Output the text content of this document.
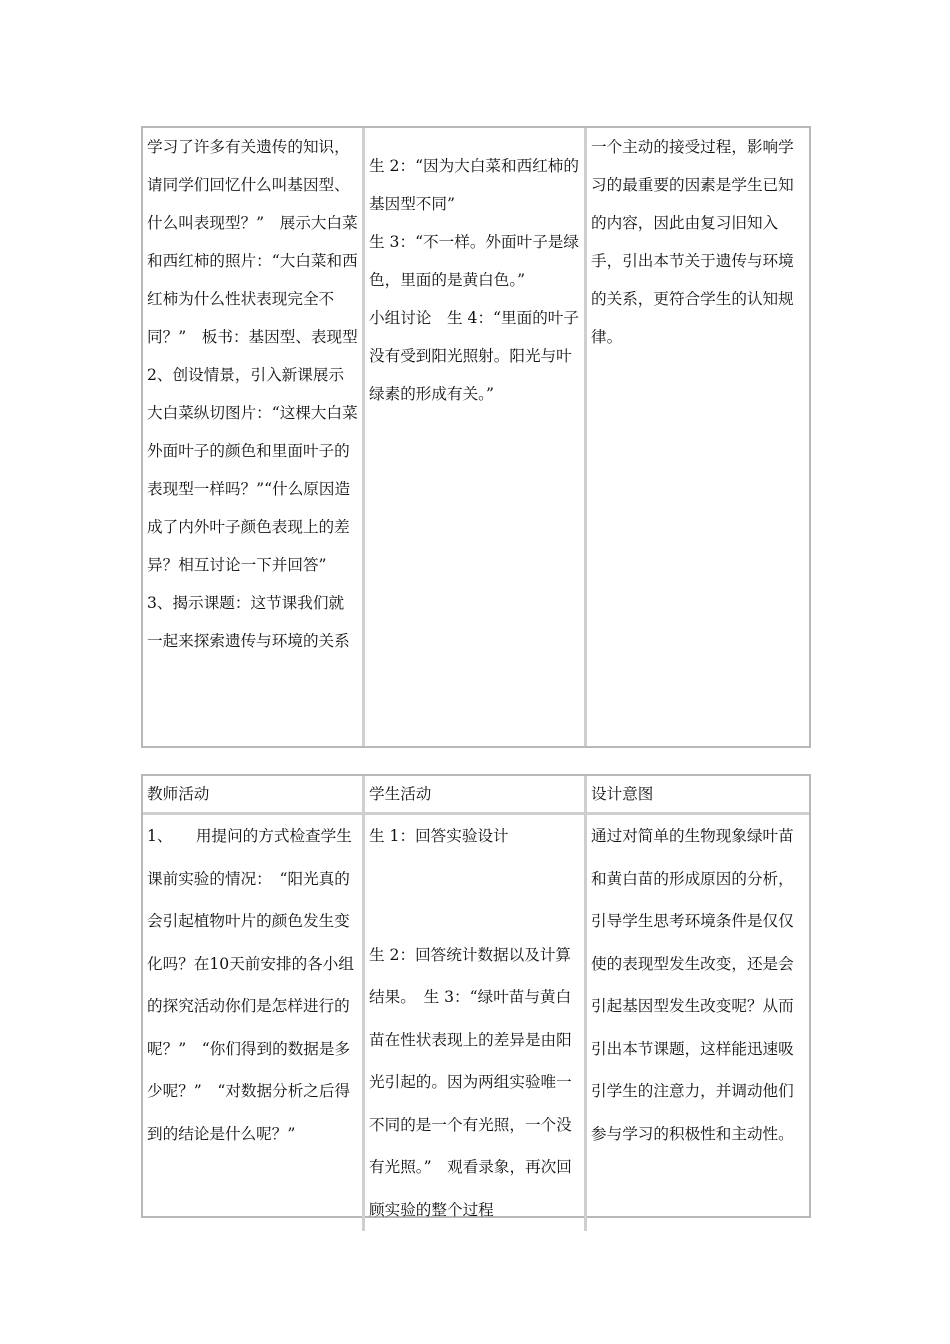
学习了许多有关遗传的知识，请同学们回忆什么叫基因型、什么叫表现型？”　展示大白菜和西红柿的照片：“大白菜和西红柿为什么性状表现完全不同？”　板书：基因型、表现型 2、创设情景，引入新课展示大白菜纵切图片：“这棵大白菜外面叶子的颜色和里面叶子的表现型一样吗？”“什么原因造成了内外叶子颜色表现上的差异？相互讨论一下并回答”　3、揭示课题：这节课我们就一起来探索遗传与环境的关系
生 2：“因为大白菜和西红柿的基因型不同”
生 3：“不一样。外面叶子是绿色，里面的是黄白色。”
小组讨论　生 4：“里面的叶子没有受到阳光照射。阳光与叶绿素的形成有关。”
一个主动的接受过程，影响学习的最重要的因素是学生已知的内容，因此由复习旧知入手，引出本节关于遗传与环境的关系，更符合学生的认知规律。
教师活动	学生活动	设计意图
1、　　用提问的方式检查学生课前实验的情况：　“阳光真的会引起植物叶片的颜色发生变化吗？在10天前安排的各小组的探究活动你们是怎样进行的呢？”　“你们得到的数据是多少呢？”　“对数据分析之后得到的结论是什么呢？”
生 1：回答实验设计
生 2：回答统计数据以及计算结果。　生 3：“绿叶苗与黄白苗在性状表现上的差异是由阳光引起的。因为两组实验唯一不同的是一个有光照，一个没有光照。”　观看录象，再次回顾实验的整个过程
通过对简单的生物现象绿叶苗和黄白苗的形成原因的分析，引导学生思考环境条件是仅仅使的表现型发生改变，还是会引起基因型发生改变呢？从而引出本节课题，这样能迅速吸引学生的注意力，并调动他们参与学习的积极性和主动性。
